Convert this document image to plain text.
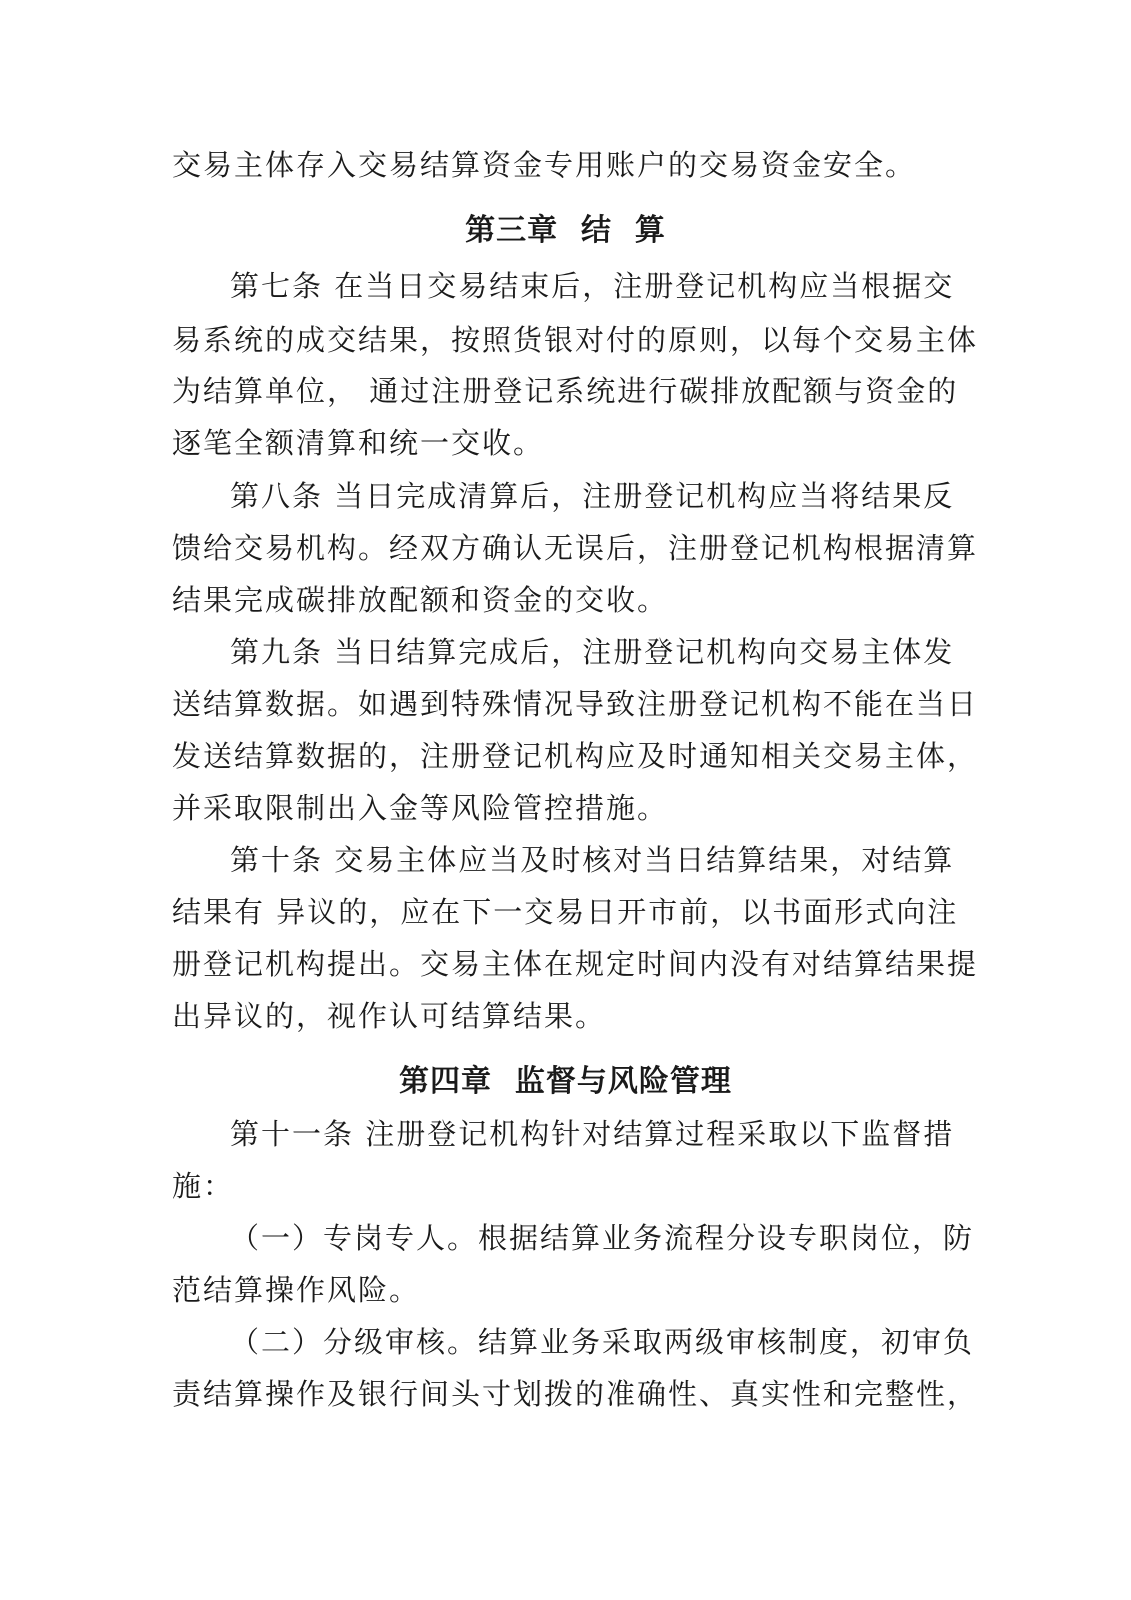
交易主体存入交易结算资金专用账户的交易资金安全。
第三章  结  算
第七条 在当日交易结束后，注册登记机构应当根据交
易系统的成交结果，按照货银对付的原则，以每个交易主体
为结算单位， 通过注册登记系统进行碳排放配额与资金的
逐笔全额清算和统一交收。
第八条 当日完成清算后，注册登记机构应当将结果反
馈给交易机构。经双方确认无误后，注册登记机构根据清算
结果完成碳排放配额和资金的交收。
第九条 当日结算完成后，注册登记机构向交易主体发
送结算数据。如遇到特殊情况导致注册登记机构不能在当日
发送结算数据的，注册登记机构应及时通知相关交易主体，
并采取限制出入金等风险管控措施。
第十条 交易主体应当及时核对当日结算结果，对结算
结果有 异议的，应在下一交易日开市前，以书面形式向注
册登记机构提出。交易主体在规定时间内没有对结算结果提
出异议的，视作认可结算结果。
第四章  监督与风险管理
第十一条 注册登记机构针对结算过程采取以下监督措
施：
（一）专岗专人。根据结算业务流程分设专职岗位，防
范结算操作风险。
（二）分级审核。结算业务采取两级审核制度，初审负
责结算操作及银行间头寸划拨的准确性、真实性和完整性，
